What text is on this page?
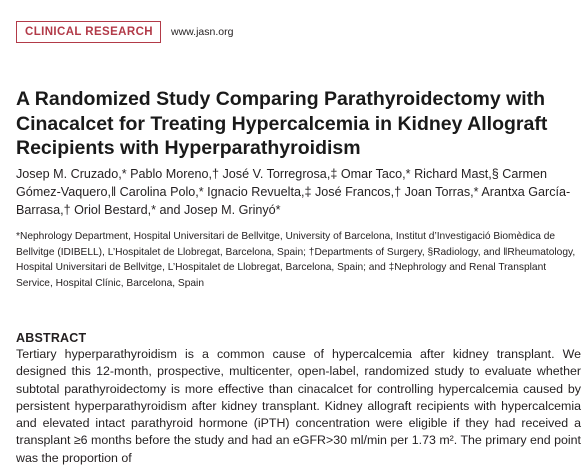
CLINICAL RESEARCH	www.jasn.org
A Randomized Study Comparing Parathyroidectomy with Cinacalcet for Treating Hypercalcemia in Kidney Allograft Recipients with Hyperparathyroidism

Josep M. Cruzado,* Pablo Moreno,† José V. Torregrosa,‡ Omar Taco,* Richard Mast,§ Carmen Gómez-Vaquero,‖ Carolina Polo,* Ignacio Revuelta,‡ José Francos,† Joan Torras,* Arantxa García-Barrasa,† Oriol Bestard,* and Josep M. Grinyó*

*Nephrology Department, Hospital Universitari de Bellvitge, University of Barcelona, Institut d’Investigació Biomèdica de Bellvitge (IDIBELL), L’Hospitalet de Llobregat, Barcelona, Spain; †Departments of Surgery, §Radiology, and ‖Rheumatology, Hospital Universitari de Bellvitge, L’Hospitalet de Llobregat, Barcelona, Spain; and ‡Nephrology and Renal Transplant Service, Hospital Clínic, Barcelona, Spain

ABSTRACT

Tertiary hyperparathyroidism is a common cause of hypercalcemia after kidney transplant. We designed this 12-month, prospective, multicenter, open-label, randomized study to evaluate whether subtotal parathyroidectomy is more effective than cinacalcet for controlling hypercalcemia caused by persistent hyperparathyroidism after kidney transplant. Kidney allograft recipients with hypercalcemia and elevated intact parathyroid hormone (iPTH) concentration were eligible if they had received a transplant ≥6 months before the study and had an eGFR>30 ml/min per 1.73 m². The primary end point was the proportion of
